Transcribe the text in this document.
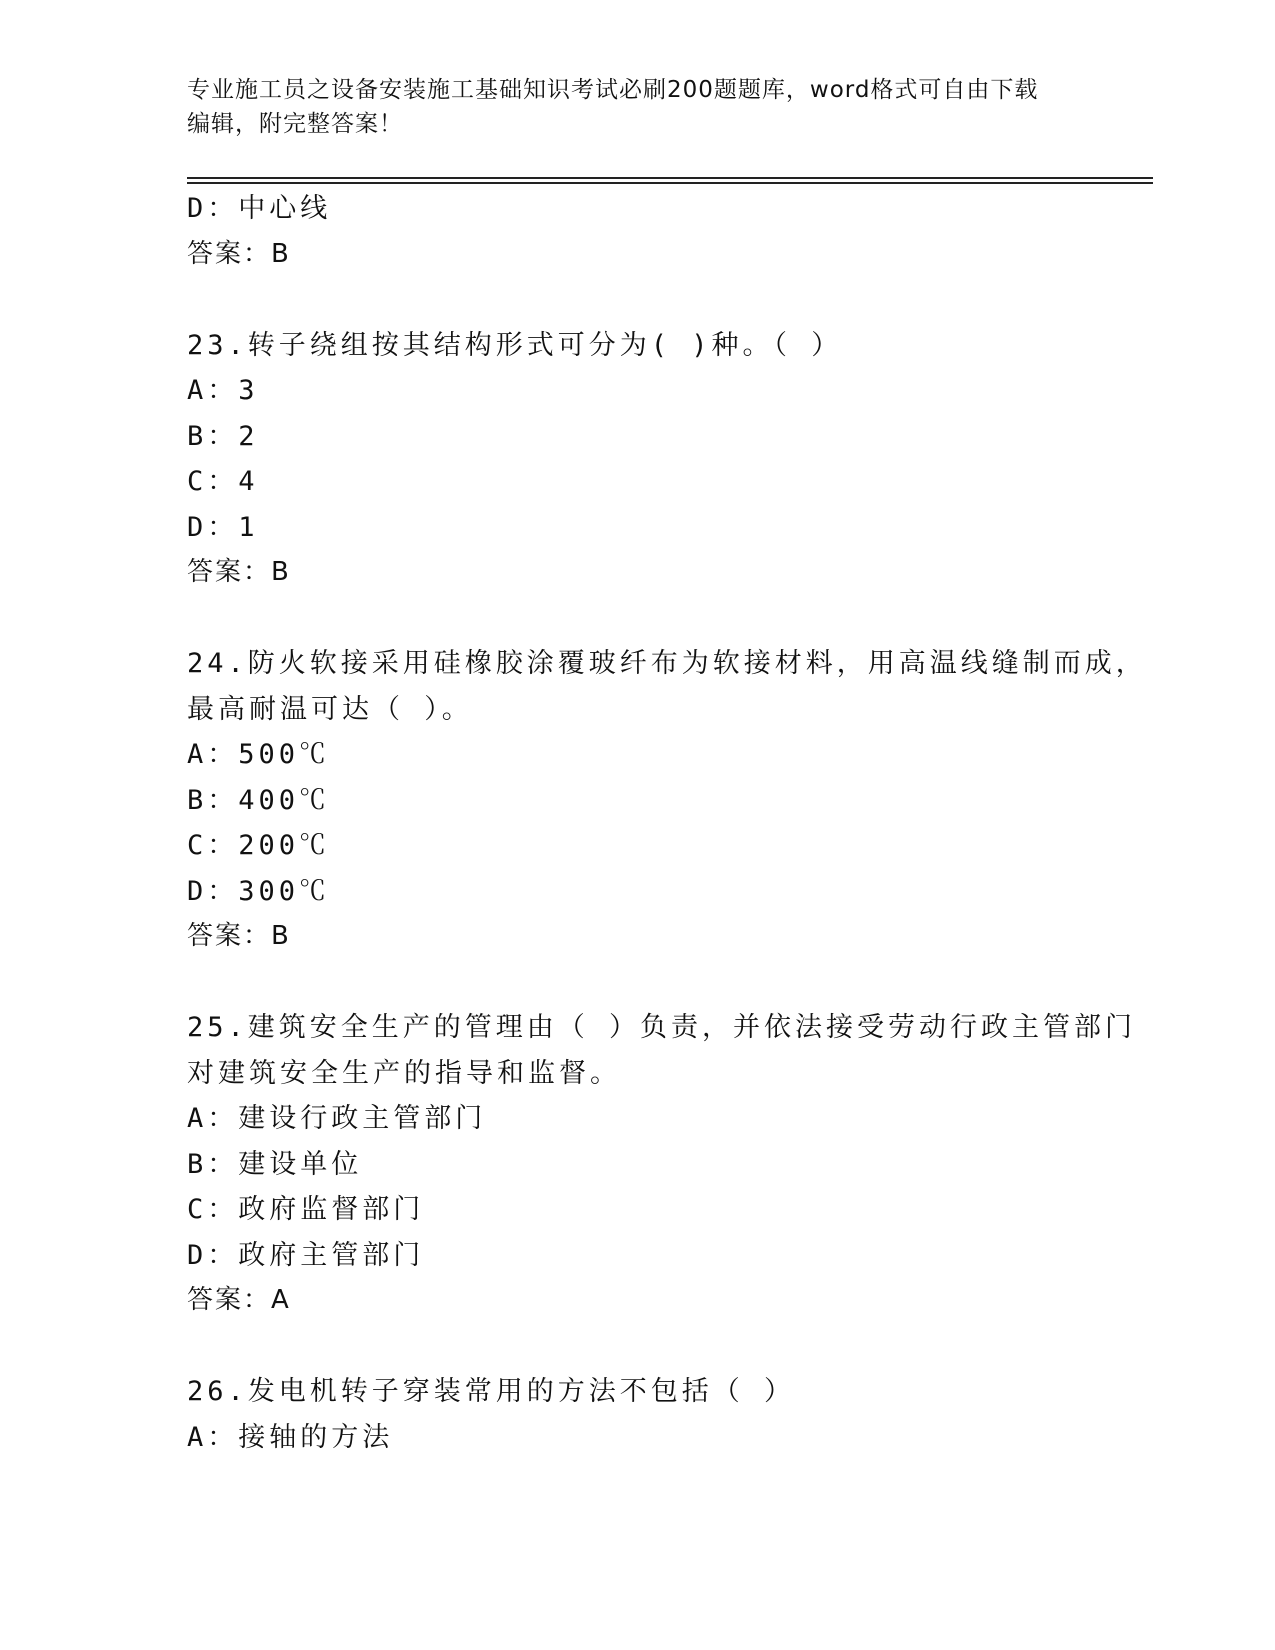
专业施工员之设备安装施工基础知识考试必刷200题题库，word格式可自由下载
编辑，附完整答案！
D：中心线
答案：B
23.转子绕组按其结构形式可分为( )种。（ ）
A：3
B：2
C：4
D：1
答案：B
24.防火软接采用硅橡胶涂覆玻纤布为软接材料，用高温线缝制而成，
最高耐温可达（ ）。
A：500℃
B：400℃
C：200℃
D：300℃
答案：B
25.建筑安全生产的管理由（ ）负责，并依法接受劳动行政主管部门
对建筑安全生产的指导和监督。
A：建设行政主管部门
B：建设单位
C：政府监督部门
D：政府主管部门
答案：A
26.发电机转子穿装常用的方法不包括（ ）
A：接轴的方法
